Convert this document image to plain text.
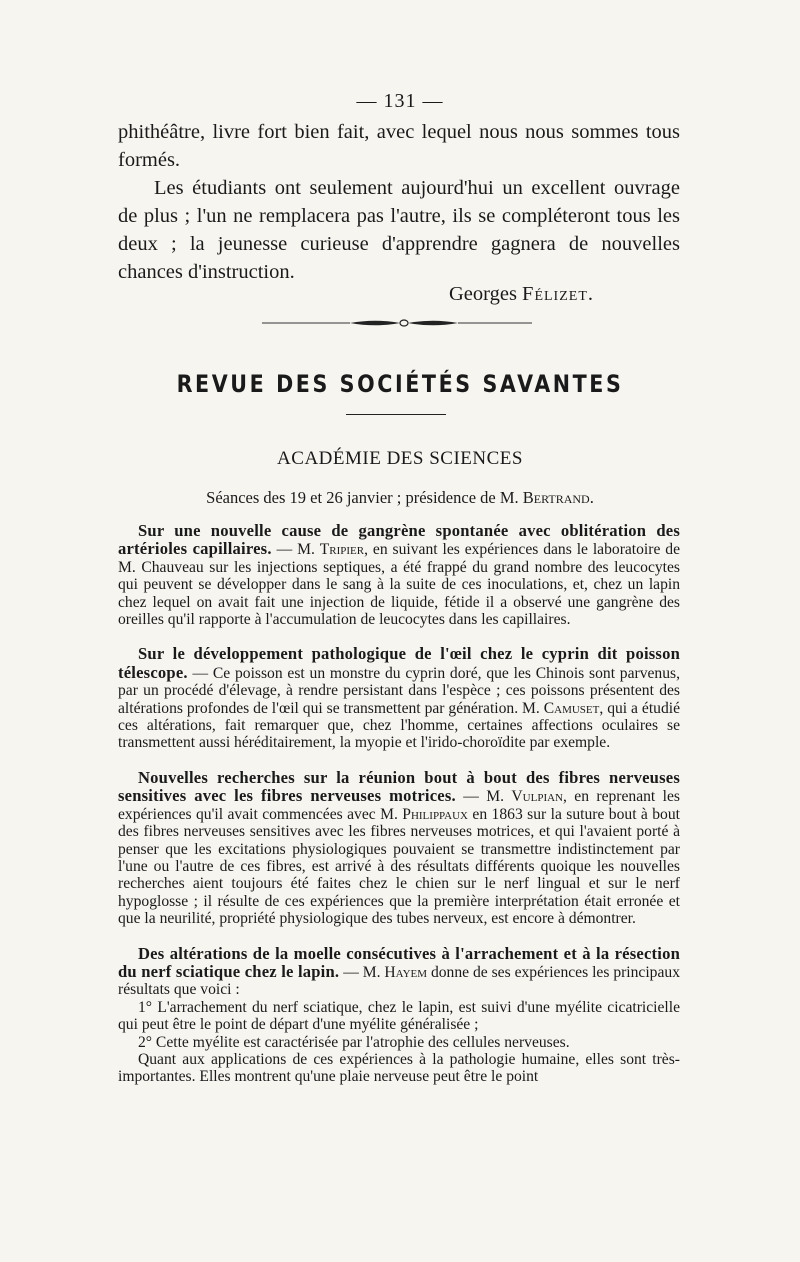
— 131 —

phithéâtre, livre fort bien fait, avec lequel nous nous sommes tous formés.

Les étudiants ont seulement aujourd'hui un excellent ouvrage de plus ; l'un ne remplacera pas l'autre, ils se compléteront tous les deux ; la jeunesse curieuse d'apprendre gagnera de nouvelles chances d'instruction.

Georges Félizet.
REVUE DES SOCIÉTÉS SAVANTES
ACADÉMIE DES SCIENCES
Séances des 19 et 26 janvier ; présidence de M. Bertrand.

Sur une nouvelle cause de gangrène spontanée avec oblitération des artérioles capillaires. — M. Tripier, en suivant les expériences dans le laboratoire de M. Chauveau sur les injections septiques, a été frappé du grand nombre des leucocytes qui peuvent se développer dans le sang à la suite de ces inoculations, et, chez un lapin chez lequel on avait fait une injection de liquide, fétide il a observé une gangrène des oreilles qu'il rapporte à l'accumulation de leucocytes dans les capillaires.

Sur le développement pathologique de l'œil chez le cyprin dit poisson télescope. — Ce poisson est un monstre du cyprin doré, que les Chinois sont parvenus, par un procédé d'élevage, à rendre persistant dans l'espèce ; ces poissons présentent des altérations profondes de l'œil qui se transmettent par génération. M. Camuset, qui a étudié ces altérations, fait remarquer que, chez l'homme, certaines affections oculaires se transmettent aussi héréditairement, la myopie et l'irido-choroïdite par exemple.

Nouvelles recherches sur la réunion bout à bout des fibres nerveuses sensitives avec les fibres nerveuses motrices. — M. Vulpian, en reprenant les expériences qu'il avait commencées avec M. Philippaux en 1863 sur la suture bout à bout des fibres nerveuses sensitives avec les fibres nerveuses motrices, et qui l'avaient porté à penser que les excitations physiologiques pouvaient se transmettre indistinctement par l'une ou l'autre de ces fibres, est arrivé à des résultats différents quoique les nouvelles recherches aient toujours été faites chez le chien sur le nerf lingual et sur le nerf hypoglosse ; il résulte de ces expériences que la première interprétation était erronée et que la neurilité, propriété physiologique des tubes nerveux, est encore à démontrer.

Des altérations de la moelle consécutives à l'arrachement et à la résection du nerf sciatique chez le lapin. — M. Hayem donne de ses expériences les principaux résultats que voici :

1° L'arrachement du nerf sciatique, chez le lapin, est suivi d'une myélite cicatricielle qui peut être le point de départ d'une myélite généralisée ;

2° Cette myélite est caractérisée par l'atrophie des cellules nerveuses.

Quant aux applications de ces expériences à la pathologie humaine, elles sont très-importantes. Elles montrent qu'une plaie nerveuse peut être le point
